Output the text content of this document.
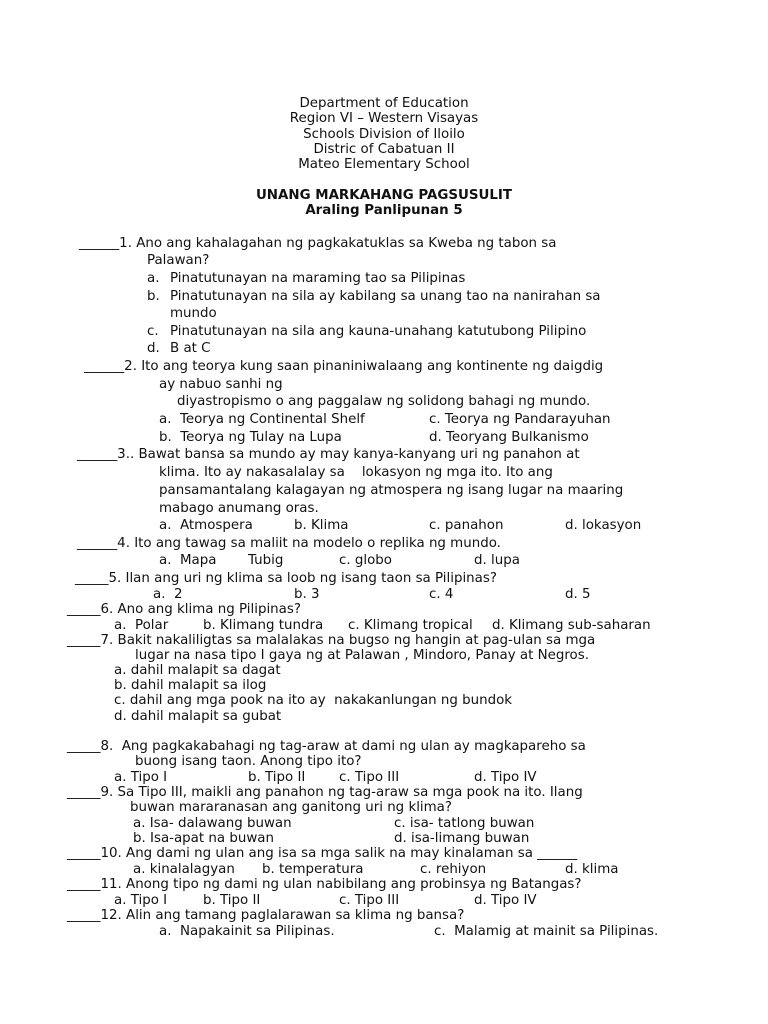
Department of Education
Region VI – Western Visayas
Schools Division of Iloilo
Distric of Cabatuan II
Mateo Elementary School
UNANG MARKAHANG PAGSUSULIT
Araling Panlipunan 5
______1. Ano ang kahalagahan ng pagkakatuklas sa Kweba ng tabon sa
Palawan?
a. Pinatutunayan na maraming tao sa Pilipinas
b. Pinatutunayan na sila ay kabilang sa unang tao na nanirahan sa
mundo
c. Pinatutunayan na sila ang kauna-unahang katutubong Pilipino
d. B at C
______2. Ito ang teorya kung saan pinaniniwalaang ang kontinente ng daigdig
ay nabuo sanhi ng
diyastropismo o ang paggalaw ng solidong bahagi ng mundo.
a.  Teorya ng Continental Shelf	c. Teorya ng Pandarayuhan
b.  Teorya ng Tulay na Lupa	d. Teoryang Bulkanismo
______3.. Bawat bansa sa mundo ay may kanya-kanyang uri ng panahon at
klima. Ito ay nakasalalay sa    lokasyon ng mga ito. Ito ang
pansamantalang kalagayan ng atmospera ng isang lugar na maaring
mabago anumang oras.
a.  Atmospera	b. Klima	c. panahon	d. lokasyon
______4. Ito ang tawag sa maliit na modelo o replika ng mundo.
a.  Mapa Tubig	c. globo	d. lupa
_____5. Ilan ang uri ng klima sa loob ng isang taon sa Pilipinas?
a.  2	b. 3	c. 4	d. 5
_____6. Ano ang klima ng Pilipinas?
a.  Polar	b. Klimang tundra c. Klimang tropical d. Klimang sub-saharan
_____7. Bakit nakaliligtas sa malalakas na bugso ng hangin at pag-ulan sa mga
lugar na nasa tipo I gaya ng at Palawan , Mindoro, Panay at Negros.
a. dahil malapit sa dagat
b. dahil malapit sa ilog
c. dahil ang mga pook na ito ay  nakakanlungan ng bundok
d. dahil malapit sa gubat
_____8.  Ang pagkakabahagi ng tag-araw at dami ng ulan ay magkapareho sa
buong isang taon. Anong tipo ito?
a. Tipo I	b. Tipo II	c. Tipo III	d. Tipo IV
_____9. Sa Tipo III, maikli ang panahon ng tag-araw sa mga pook na ito. Ilang
buwan mararanasan ang ganitong uri ng klima?
a. Isa- dalawang buwan	c. isa- tatlong buwan
b. Isa-apat na buwan	d. isa-limang buwan
_____10. Ang dami ng ulan ang isa sa mga salik na may kinalaman sa ______
a. kinalalagyan b. temperatura	c. rehiyon	d. klima
_____11. Anong tipo ng dami ng ulan nabibilang ang probinsya ng Batangas?
a. Tipo I	b. Tipo II	c. Tipo III	d. Tipo IV
_____12. Alin ang tamang paglalarawan sa klima ng bansa?
a.  Napakainit sa Pilipinas.	c.  Malamig at mainit sa Pilipinas.
